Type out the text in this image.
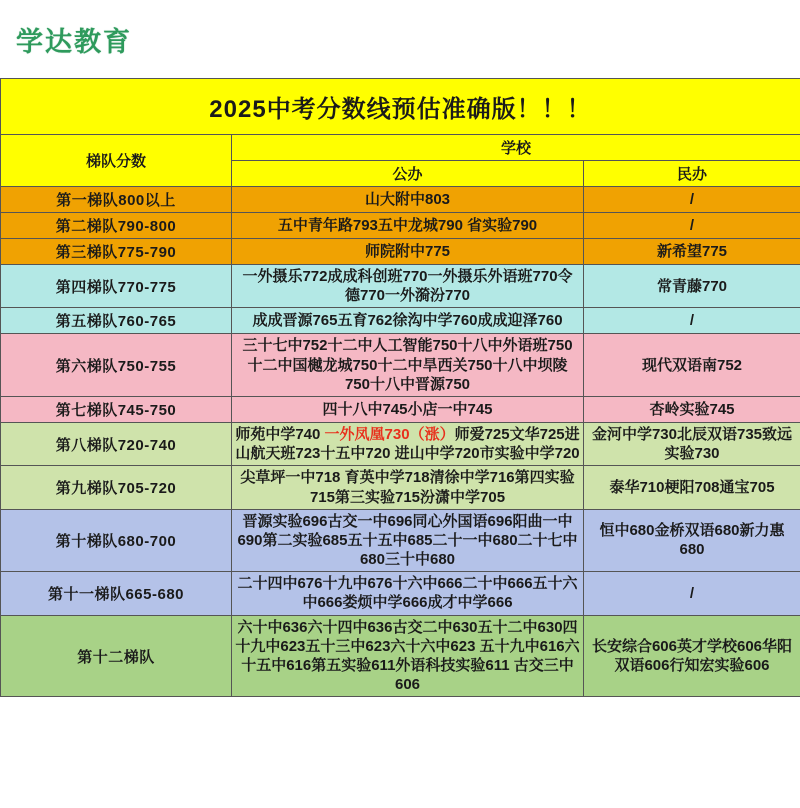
学达教育
2025中考分数线预估准确版！！！		
梯队分数	学校	
	公办	民办
第一梯队800以上	山大附中803	/
第二梯队790-800	五中青年路793五中龙城790 省实验790	/
第三梯队775-790	师院附中775	新希望775
第四梯队770-775	一外摄乐772成成科创班770一外摄乐外语班770令德770一外漪汾770	常青藤770
第五梯队760-765	成成晋源765五育762徐沟中学760成成迎泽760	/
第六梯队750-755	三十七中752十二中人工智能750十八中外语班750十二中国樾龙城750十二中旱西关750十八中坝陵750十八中晋源750	现代双语南752
第七梯队745-750	四十八中745小店一中745	杏岭实验745
第八梯队720-740	师苑中学740 一外凤凰730（涨）师爱725文华725进山航天班723十五中720 进山中学720市实验中学720	金河中学730北辰双语735致远实验730
第九梯队705-720	尖草坪一中718 育英中学718清徐中学716第四实验715第三实验715汾潇中学705	泰华710梗阳708通宝705
第十梯队680-700	晋源实验696古交一中696同心外国语696阳曲一中690第二实验685五十五中685二十一中680二十七中680三十中680	恒中680金桥双语680新力惠680
第十一梯队665-680	二十四中676十九中676十六中666二十中666五十六中666娄烦中学666成才中学666	/
第十二梯队	六十中636六十四中636古交二中630五十二中630四十九中623五十三中623六十六中623 五十九中616六十五中616第五实验611外语科技实验611 古交三中606	长安综合606英才学校606华阳双语606行知宏实验606
